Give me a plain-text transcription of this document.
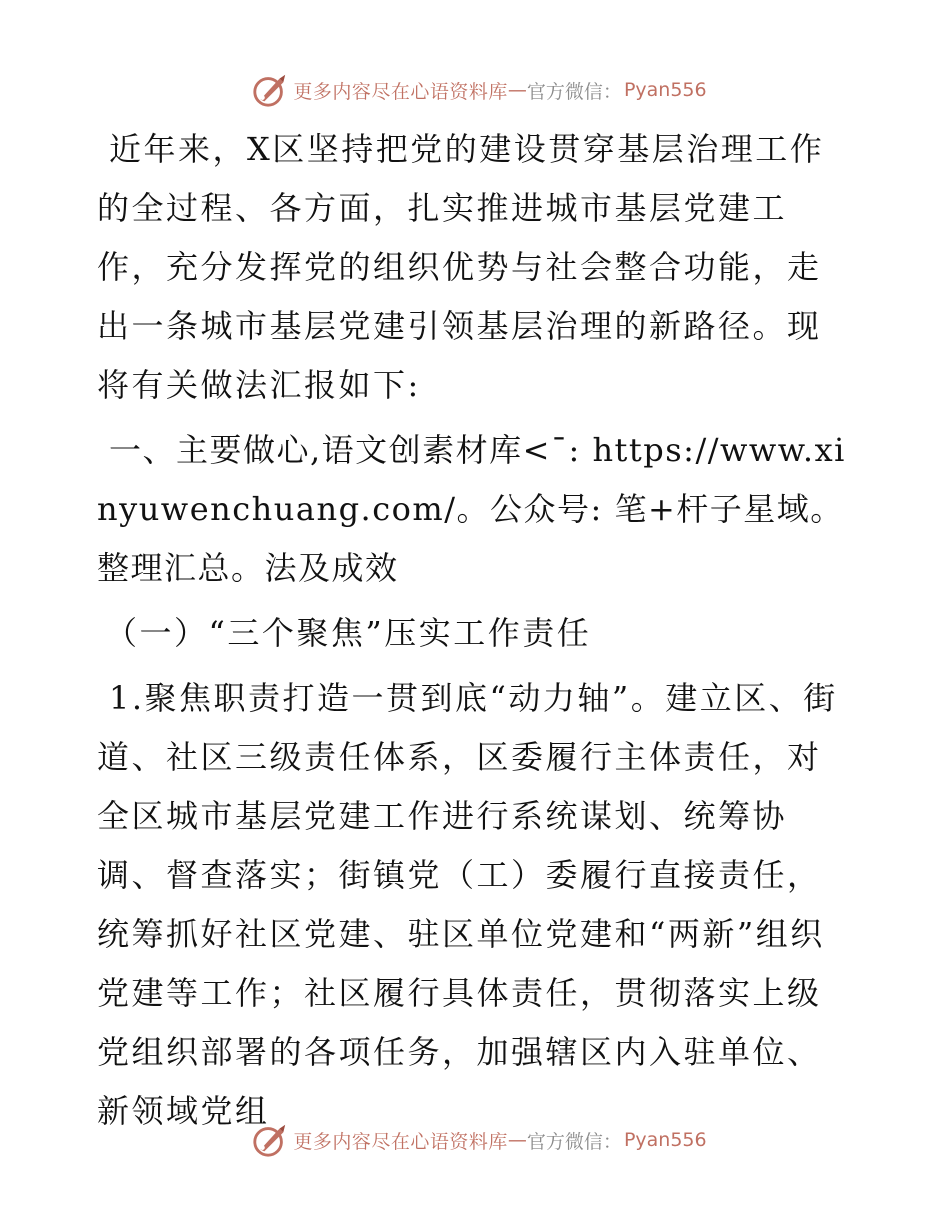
更多内容尽在心语资料库 — 官方微信： Pyan556

近年来，X区坚持把党的建设贯穿基层治理工作的全过程、各方面，扎实推进城市基层党建工作，充分发挥党的组织优势与社会整合功能，走出一条城市基层党建引领基层治理的新路径。现将有关做法汇报如下:

一、主要做心,语文创素材库<¯: https://www.xinyuwenchuang.com/。公众号: 笔+杆子星域。整理汇总。法及成效

（一）“三个聚焦”压实工作责任

1.聚焦职责打造一贯到底“动力轴”。建立区、街道、社区三级责任体系，区委履行主体责任，对全区城市基层党建工作进行系统谋划、统筹协调、督查落实；街镇党（工）委履行直接责任，统筹抓好社区党建、驻区单位党建和“两新”组织党建等工作；社区履行具体责任，贯彻落实上级党组织部署的各项任务，加强辖区内入驻单位、新领域党组

更多内容尽在心语资料库 — 官方微信： Pyan556
